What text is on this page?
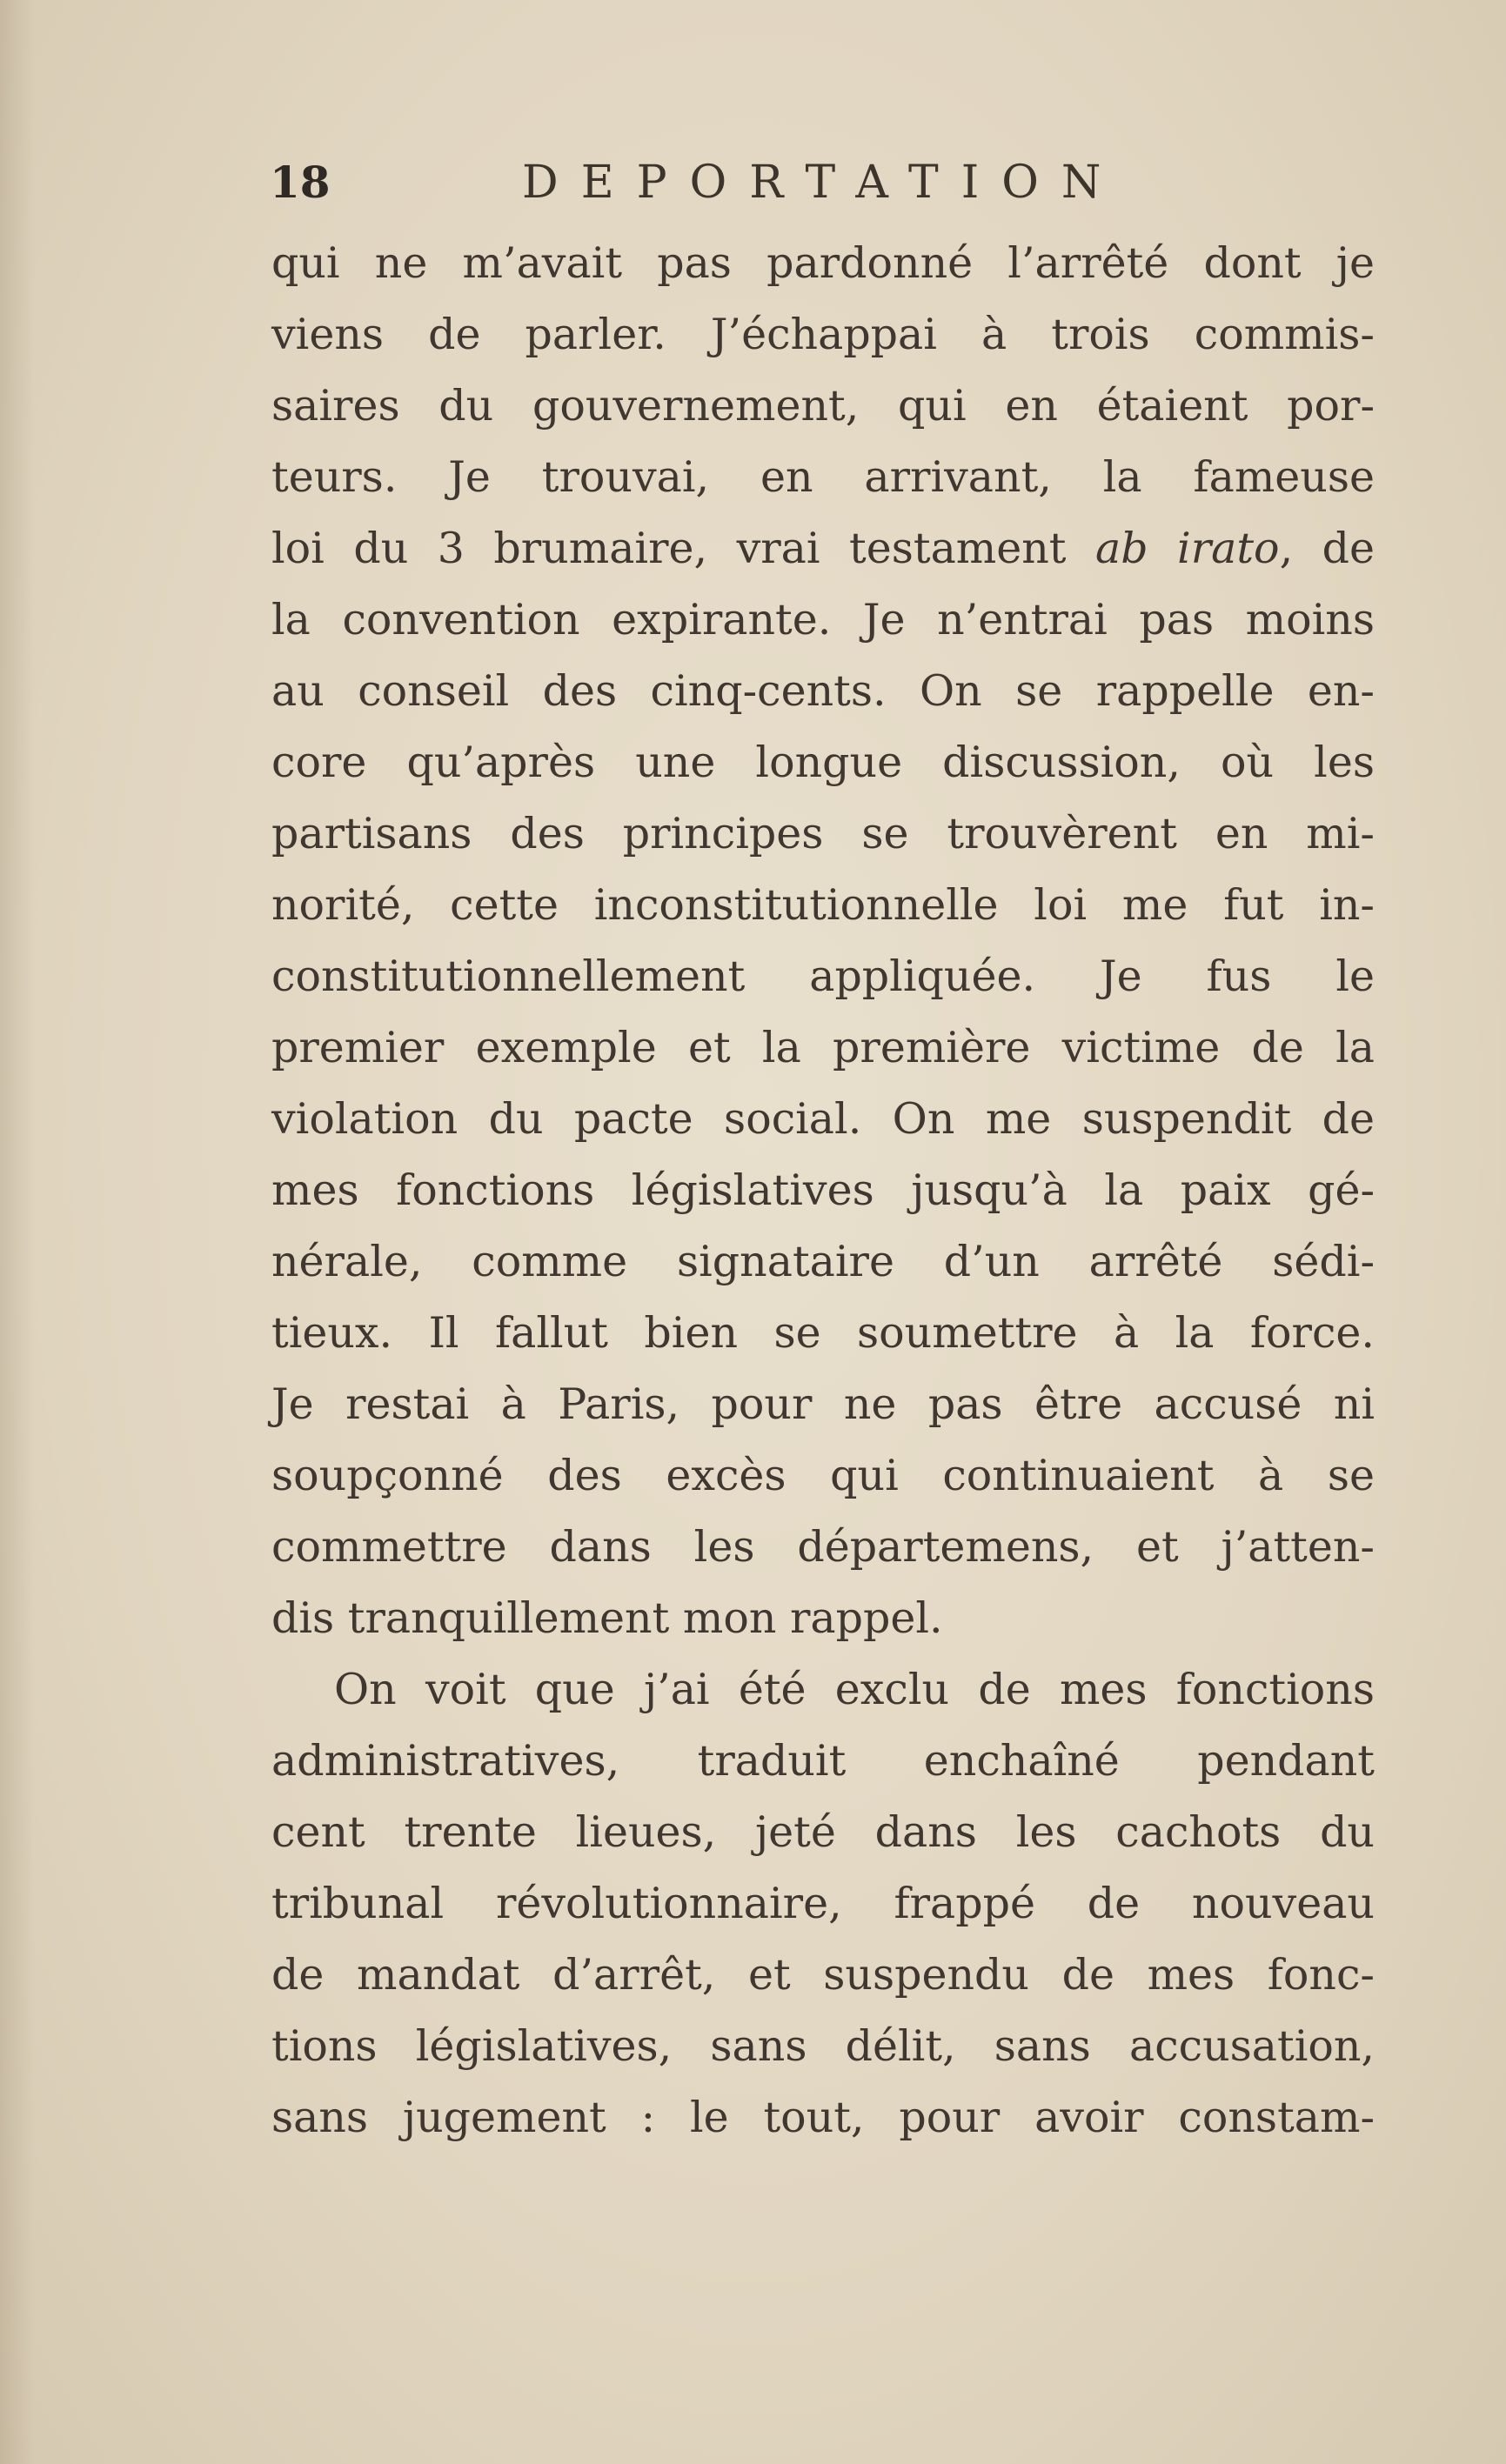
18	DEPORTATION
qui ne m’avait pas pardonné l’arrêté dont je
viens de parler. J’échappai à trois commis-
saires du gouvernement, qui en étaient por-
teurs. Je trouvai, en arrivant, la fameuse
loi du 3 brumaire, vrai testament ab irato, de
la convention expirante. Je n’entrai pas moins
au conseil des cinq-cents. On se rappelle en-
core qu’après une longue discussion, où les
partisans des principes se trouvèrent en mi-
norité, cette inconstitutionnelle loi me fut in-
constitutionnellement appliquée. Je fus le
premier exemple et la première victime de la
violation du pacte social. On me suspendit de
mes fonctions législatives jusqu’à la paix gé-
nérale, comme signataire d’un arrêté sédi-
tieux. Il fallut bien se soumettre à la force.
Je restai à Paris, pour ne pas être accusé ni
soupçonné des excès qui continuaient à se
commettre dans les départemens, et j’atten-
dis tranquillement mon rappel.
On voit que j’ai été exclu de mes fonctions
administratives, traduit enchaîné pendant
cent trente lieues, jeté dans les cachots du
tribunal révolutionnaire, frappé de nouveau
de mandat d’arrêt, et suspendu de mes fonc-
tions législatives, sans délit, sans accusation,
sans jugement : le tout, pour avoir constam-
